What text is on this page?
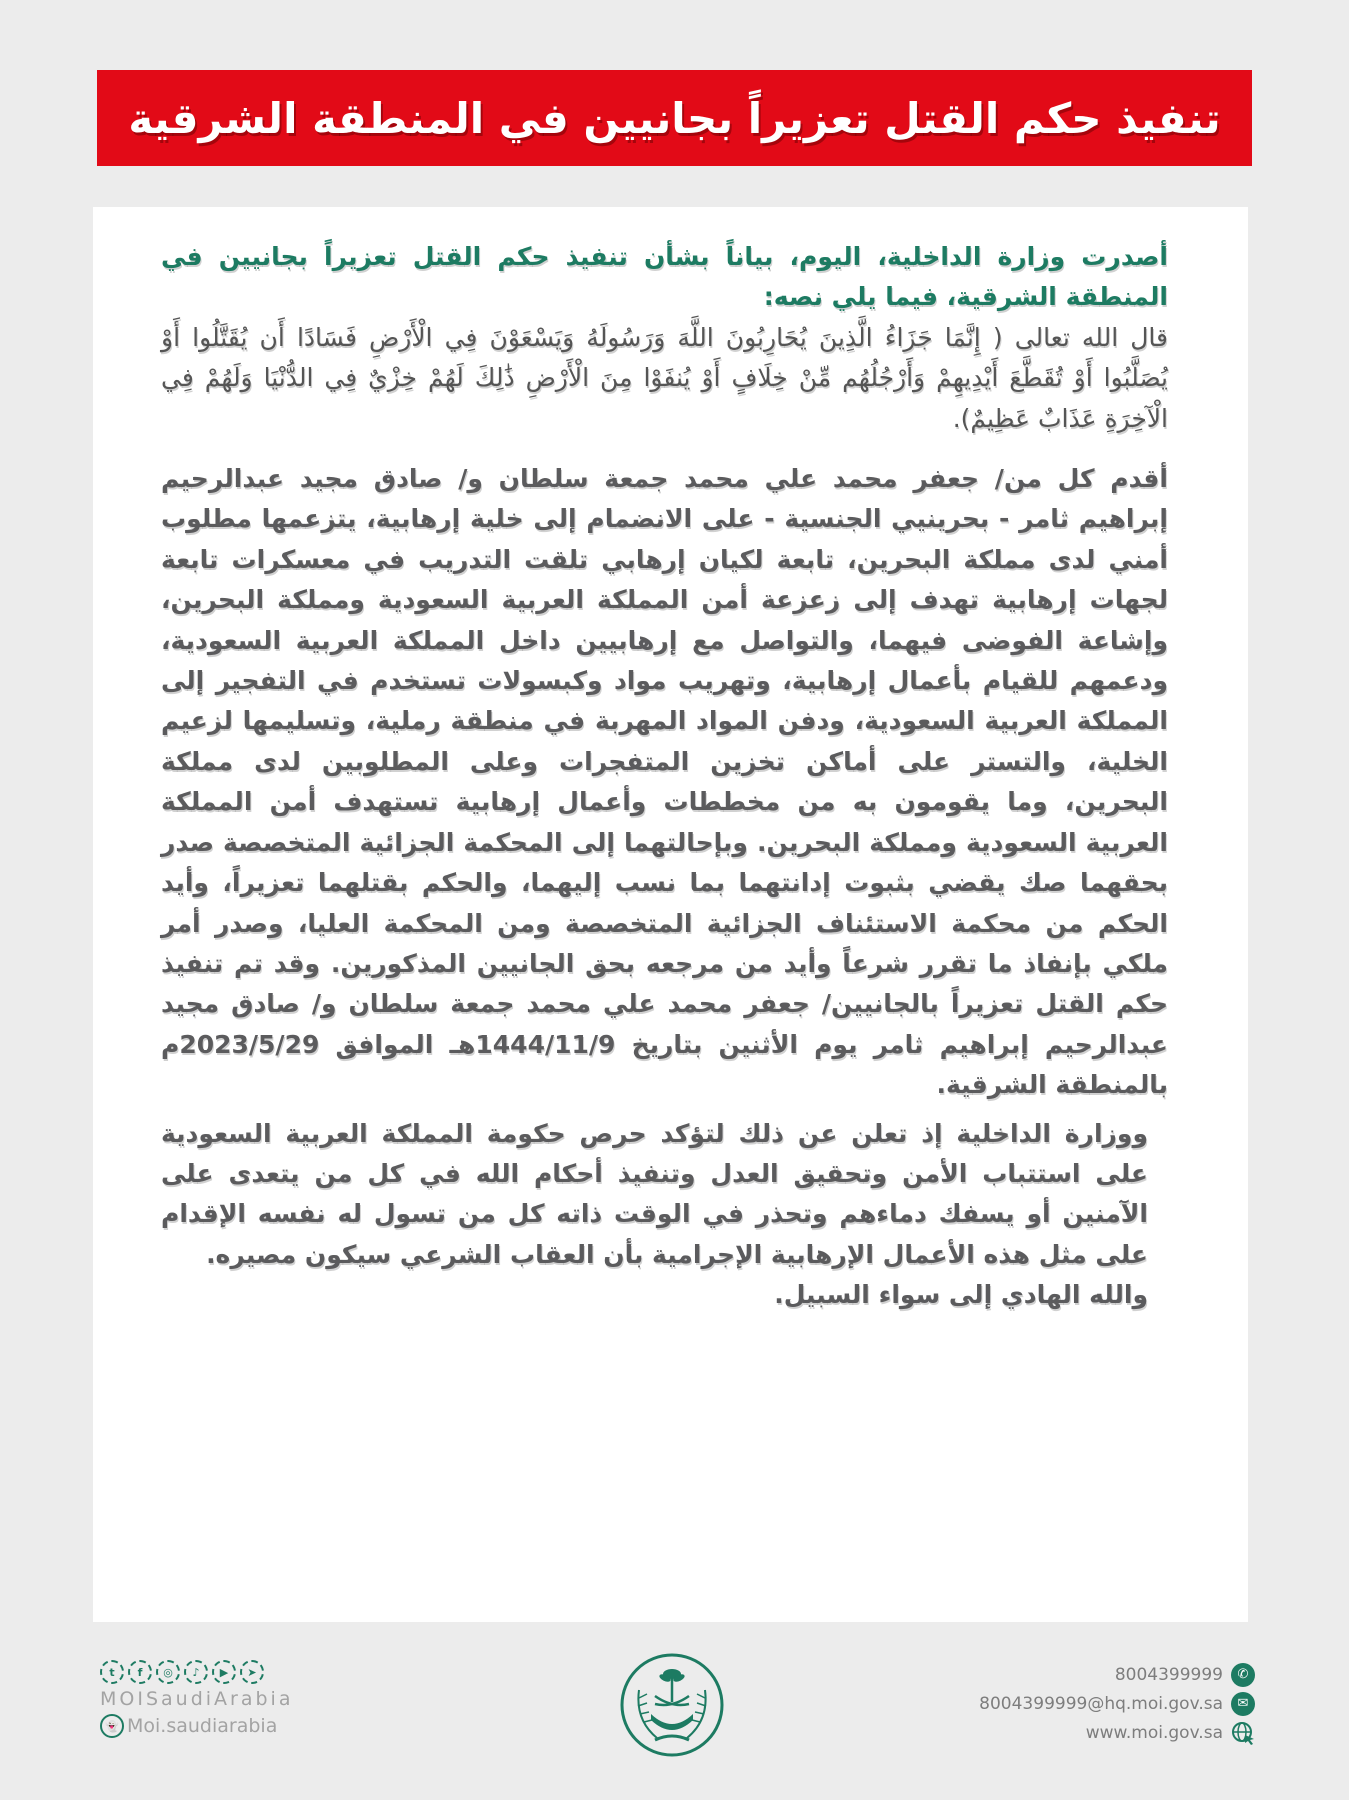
تنفيذ حكم القتل تعزيراً بجانيين في المنطقة الشرقية

أصدرت وزارة الداخلية، اليوم، بياناً بشأن تنفيذ حكم القتل تعزيراً بجانيين في المنطقة الشرقية، فيما يلي نصه:

قال الله تعالى ( إِنَّمَا جَزَاءُ الَّذِينَ يُحَارِبُونَ اللَّهَ وَرَسُولَهُ وَيَسْعَوْنَ فِي الْأَرْضِ فَسَادًا أَن يُقَتَّلُوا أَوْ يُصَلَّبُوا أَوْ تُقَطَّعَ أَيْدِيهِمْ وَأَرْجُلُهُم مِّنْ خِلَافٍ أَوْ يُنفَوْا مِنَ الْأَرْضِ ذَٰلِكَ لَهُمْ خِزْيٌ فِي الدُّنْيَا وَلَهُمْ فِي الْآخِرَةِ عَذَابٌ عَظِيمٌ).

أقدم كل من/ جعفر محمد علي محمد جمعة سلطان و/ صادق مجيد عبدالرحيم إبراهيم ثامر - بحرينيي الجنسية - على الانضمام إلى خلية إرهابية، يتزعمها مطلوب أمني لدى مملكة البحرين، تابعة لكيان إرهابي تلقت التدريب في معسكرات تابعة لجهات إرهابية تهدف إلى زعزعة أمن المملكة العربية السعودية ومملكة البحرين، وإشاعة الفوضى فيهما، والتواصل مع إرهابيين داخل المملكة العربية السعودية، ودعمهم للقيام بأعمال إرهابية، وتهريب مواد وكبسولات تستخدم في التفجير إلى المملكة العربية السعودية، ودفن المواد المهربة في منطقة رملية، وتسليمها لزعيم الخلية، والتستر على أماكن تخزين المتفجرات وعلى المطلوبين لدى مملكة البحرين، وما يقومون به من مخططات وأعمال إرهابية تستهدف أمن المملكة العربية السعودية ومملكة البحرين. وبإحالتهما إلى المحكمة الجزائية المتخصصة صدر بحقهما صك يقضي بثبوت إدانتهما بما نسب إليهما، والحكم بقتلهما تعزيراً، وأيد الحكم من محكمة الاستئناف الجزائية المتخصصة ومن المحكمة العليا، وصدر أمر ملكي بإنفاذ ما تقرر شرعاً وأيد من مرجعه بحق الجانيين المذكورين. وقد تم تنفيذ حكم القتل تعزيراً بالجانيين/ جعفر محمد علي محمد جمعة سلطان و/ صادق مجيد عبدالرحيم إبراهيم ثامر يوم الأثنين بتاريخ 1444/11/9هـ الموافق 2023/5/29م بالمنطقة الشرقية.

ووزارة الداخلية إذ تعلن عن ذلك لتؤكد حرص حكومة المملكة العربية السعودية على استتباب الأمن وتحقيق العدل وتنفيذ أحكام الله في كل من يتعدى على الآمنين أو يسفك دماءهم وتحذر في الوقت ذاته كل من تسول له نفسه الإقدام على مثل هذه الأعمال الإرهابية الإجرامية بأن العقاب الشرعي سيكون مصيره.

والله الهادي إلى سواء السبيل.

t	f	◎	♪	▶	➤
MOISaudiArabia
👻 Moi.saudiarabia
8004399999	✆
8004399999@hq.moi.gov.sa	✉
www.moi.gov.sa
